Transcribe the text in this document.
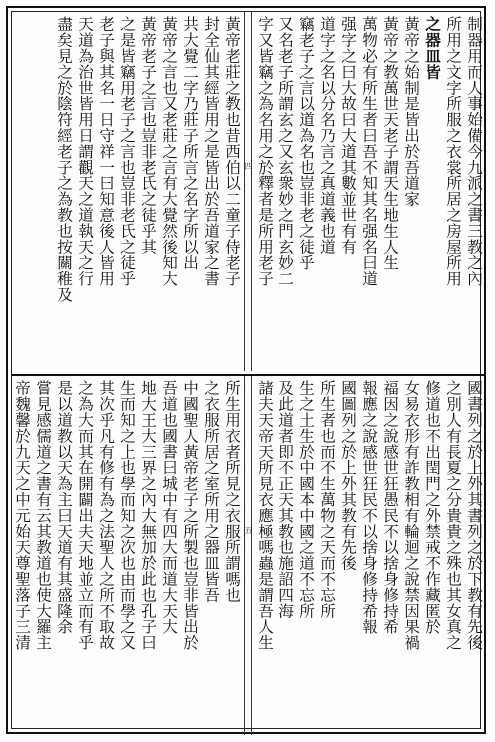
制器用而人事始備今九派之書三教之內
所用之文字所服之衣裳所居之房屋所用
之器皿皆
黃帝之始制是皆出於吾道家
黃帝之教萬世天老子謂天生地生人生
萬物必有所生者曰吾不知其名强名曰道
强字之曰大故曰大道其數並世有有
道字之名以分名乃言之真道義也道
竊老子之言以道為名也豈非老之徒乎
又名老子所謂玄之又玄衆妙之門玄妙二
字又皆竊之為名用之於釋者是所用老子
四
黃帝老莊之教也昔西伯以二童子侍老子
封全仙其經皆用之是皆出於吾道家之書
共大覺二字乃莊子所言之名字所以出
黃帝之言也又老莊之言有大覺然後知大
黃帝老子之言也豈非老氏之徒乎其
之是皆竊用老子之言也豈非老氏之徒乎
老子與其名一日守祥一曰知意後人皆用
天道為治世皆用日謂觀天之道執天之行
盡矣見之於陰符經老子之為教也按關稚及
國書列之於上外其書列之於下教有先後
之別人有長夏之分貴貴之殊也其女真之
修道也不出閏門之外禁戒不作藏匿於
女易衣形有詐教相有輪迴之說禁因果禍
福因之說感世狂愚民不以捨身修持希
報應之說感世狂民不以捨身修持希報
國圖列之於上外其教有先後
所生者也而不生萬物之天而不忘所
生之土生於中國本中國之道不忘所
及此道者即不正天其教也施詔四海
諸夫天帝天所見衣應極嗎蟲是謂吾人生
五
所生用衣者所見之衣服所謂嗎也
之衣服所居之室所用之器皿皆吾
中國聖人黃帝老子之所製也豈非皆出於
吾道也國書曰城中有四大而道大天大
地大王大三界之內大無加於此也孔子曰
生而知之上也學而知之次也由而學之又
其次乎凡有修有為之法聖人之所不取故
之為大而其在開闢出夫天地並立而有乎
是以道教以天為主曰天道有其盛隆余
嘗見感儒道之書有云其教道也使大羅主
帝魏馨於九天之中元始天尊聖落子三清
